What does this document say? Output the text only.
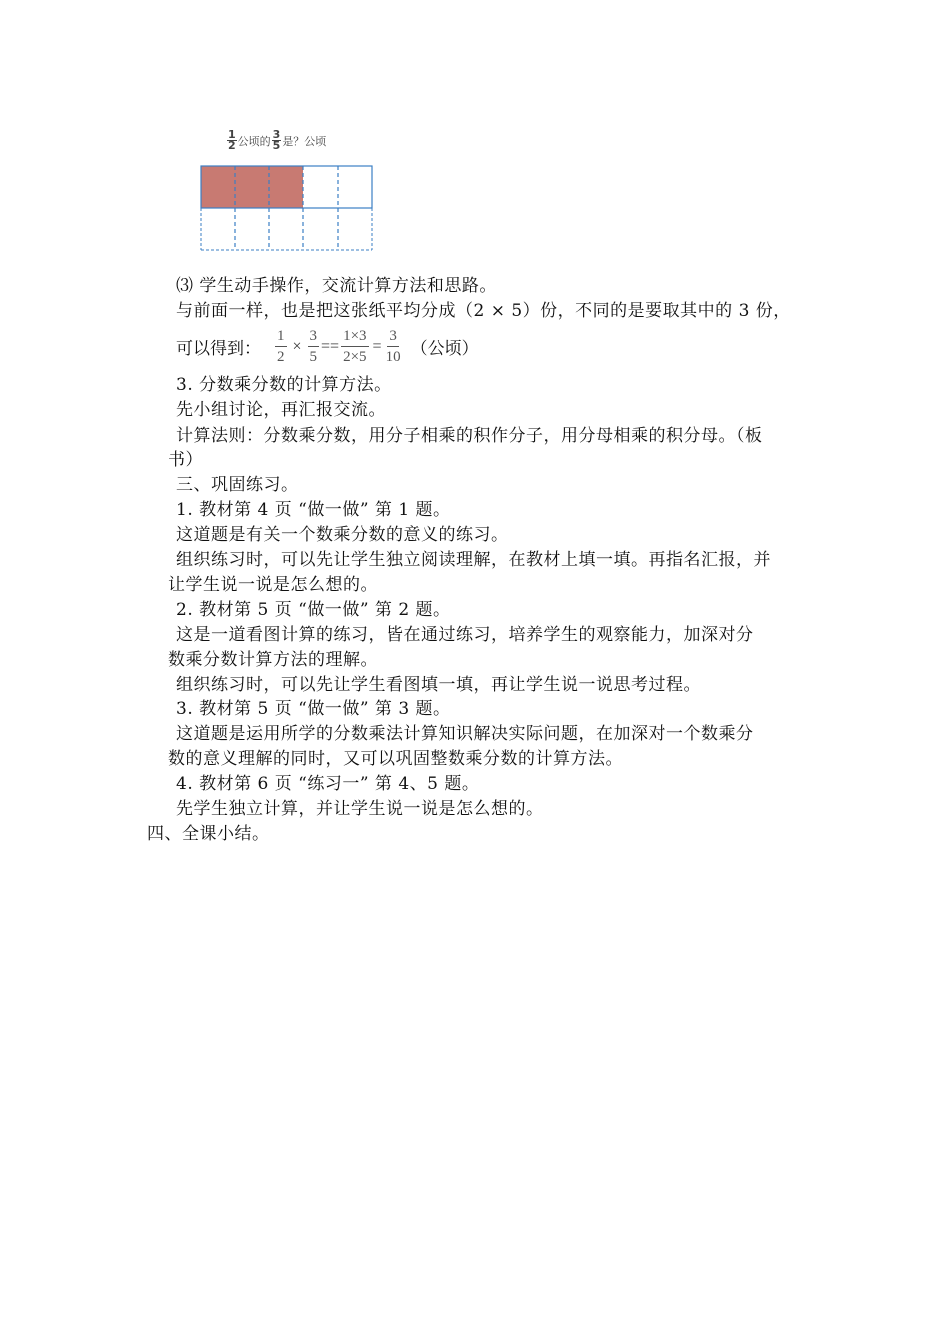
$\frac{1}{2}$ 公顷的 $\frac{3}{5}$ 是？公顷
⑶ 学生动手操作，交流计算方法和思路。
与前面一样，也是把这张纸平均分成（2 × 5）份，不同的是要取其中的 3 份，
可以得到： $\frac{1}{2} \times \frac{3}{5} == \frac{1\times 3}{2\times 5} = \frac{3}{10}$ （公顷）
3. 分数乘分数的计算方法。
先小组讨论，再汇报交流。
计算法则：分数乘分数，用分子相乘的积作分子，用分母相乘的积分母。（板
书）
三、巩固练习。
1. 教材第 4 页 “做一做” 第 1 题。
这道题是有关一个数乘分数的意义的练习。
组织练习时，可以先让学生独立阅读理解，在教材上填一填。再指名汇报，并
让学生说一说是怎么想的。
2. 教材第 5 页 “做一做” 第 2 题。
这是一道看图计算的练习，皆在通过练习，培养学生的观察能力，加深对分
数乘分数计算方法的理解。
组织练习时，可以先让学生看图填一填，再让学生说一说思考过程。
3. 教材第 5 页 “做一做” 第 3 题。
这道题是运用所学的分数乘法计算知识解决实际问题，在加深对一个数乘分
数的意义理解的同时，又可以巩固整数乘分数的计算方法。
4. 教材第 6 页 “练习一” 第 4、5 题。
先学生独立计算，并让学生说一说是怎么想的。
四、全课小结。
